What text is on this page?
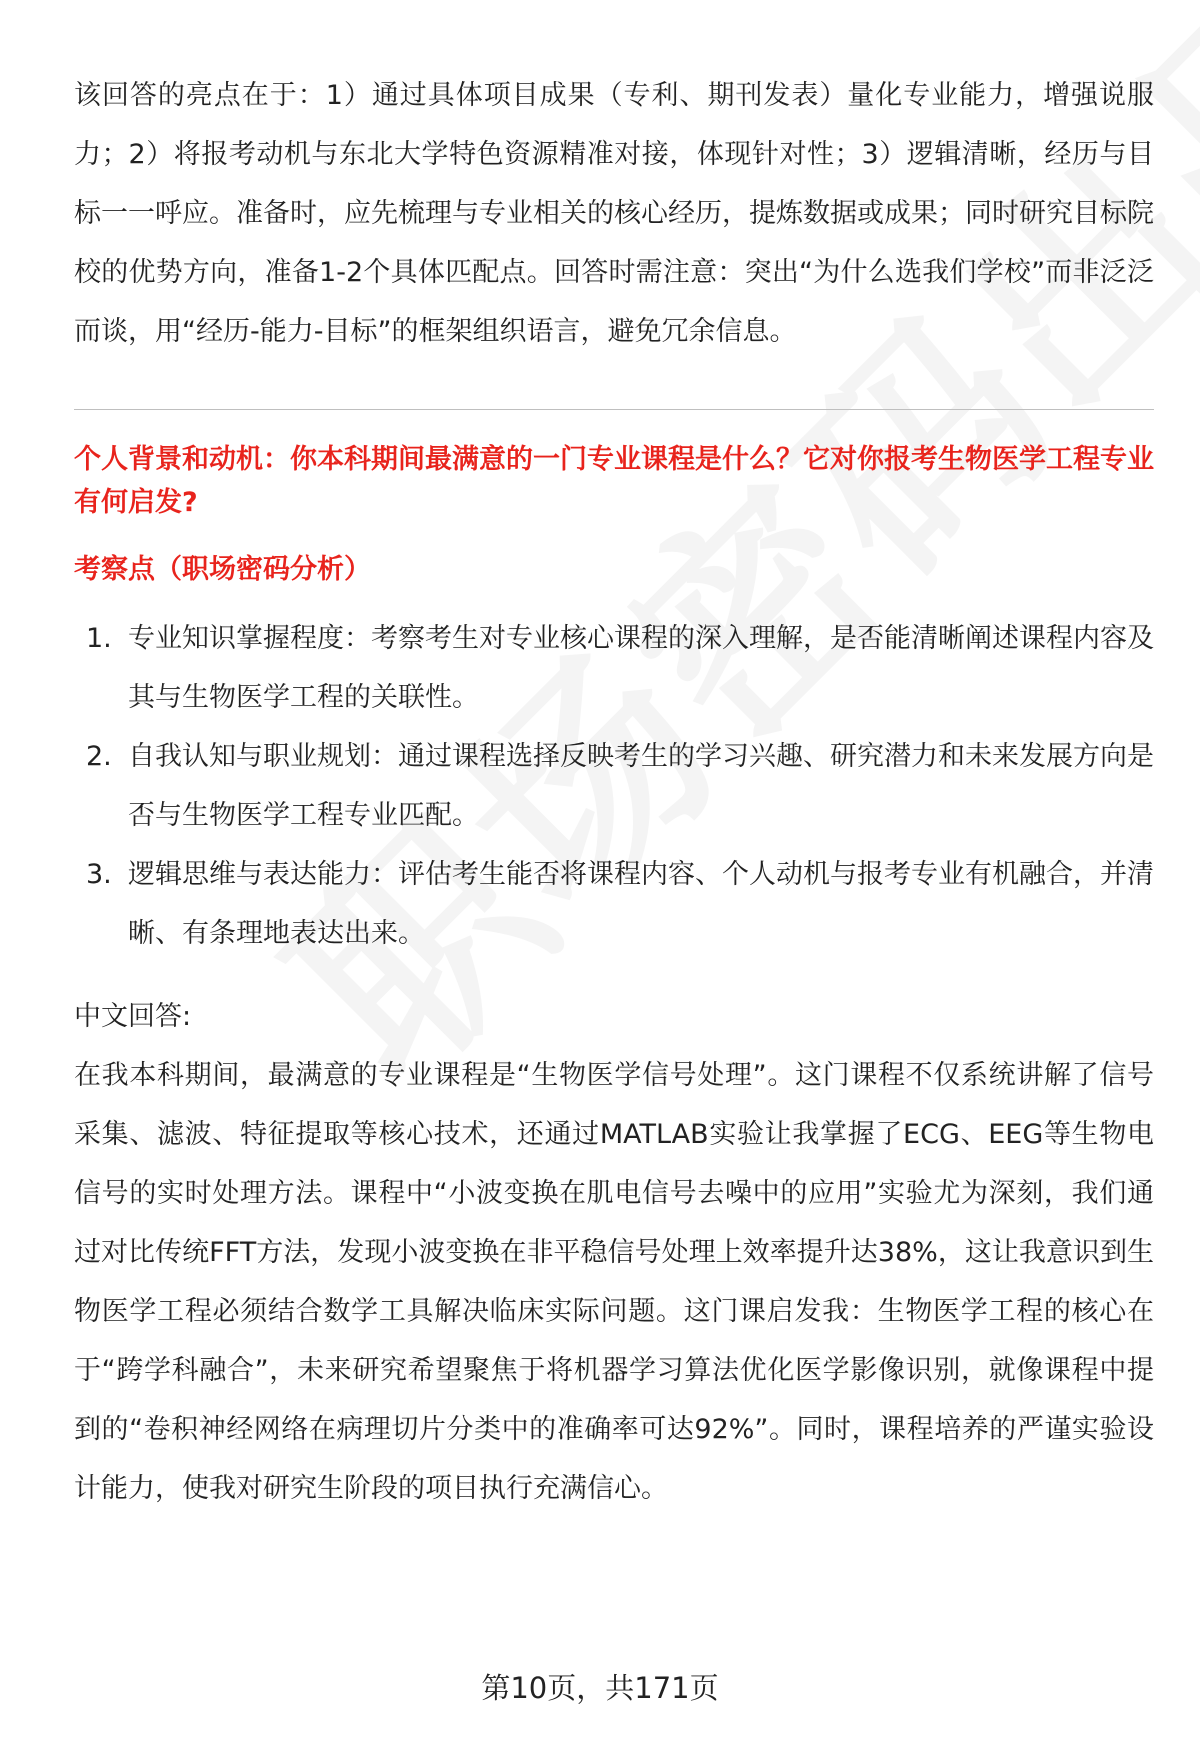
该回答的亮点在于：1）通过具体项目成果（专利、期刊发表）量化专业能力，增强说服力；2）将报考动机与东北大学特色资源精准对接，体现针对性；3）逻辑清晰，经历与目标一一呼应。准备时，应先梳理与专业相关的核心经历，提炼数据或成果；同时研究目标院校的优势方向，准备1-2个具体匹配点。回答时需注意：突出“为什么选我们学校”而非泛泛而谈，用“经历-能力-目标”的框架组织语言，避免冗余信息。

个人背景和动机：你本科期间最满意的一门专业课程是什么？它对你报考生物医学工程专业有何启发?

考察点（职场密码分析）

1. 专业知识掌握程度：考察考生对专业核心课程的深入理解，是否能清晰阐述课程内容及其与生物医学工程的关联性。
2. 自我认知与职业规划：通过课程选择反映考生的学习兴趣、研究潜力和未来发展方向是否与生物医学工程专业匹配。
3. 逻辑思维与表达能力：评估考生能否将课程内容、个人动机与报考专业有机融合，并清晰、有条理地表达出来。

中文回答:

在我本科期间，最满意的专业课程是“生物医学信号处理”。这门课程不仅系统讲解了信号采集、滤波、特征提取等核心技术，还通过MATLAB实验让我掌握了ECG、EEG等生物电信号的实时处理方法。课程中“小波变换在肌电信号去噪中的应用”实验尤为深刻，我们通过对比传统FFT方法，发现小波变换在非平稳信号处理上效率提升达38%，这让我意识到生物医学工程必须结合数学工具解决临床实际问题。这门课启发我：生物医学工程的核心在于“跨学科融合”，未来研究希望聚焦于将机器学习算法优化医学影像识别，就像课程中提到的“卷积神经网络在病理切片分类中的准确率可达92%”。同时，课程培养的严谨实验设计能力，使我对研究生阶段的项目执行充满信心。

第10页，共171页
